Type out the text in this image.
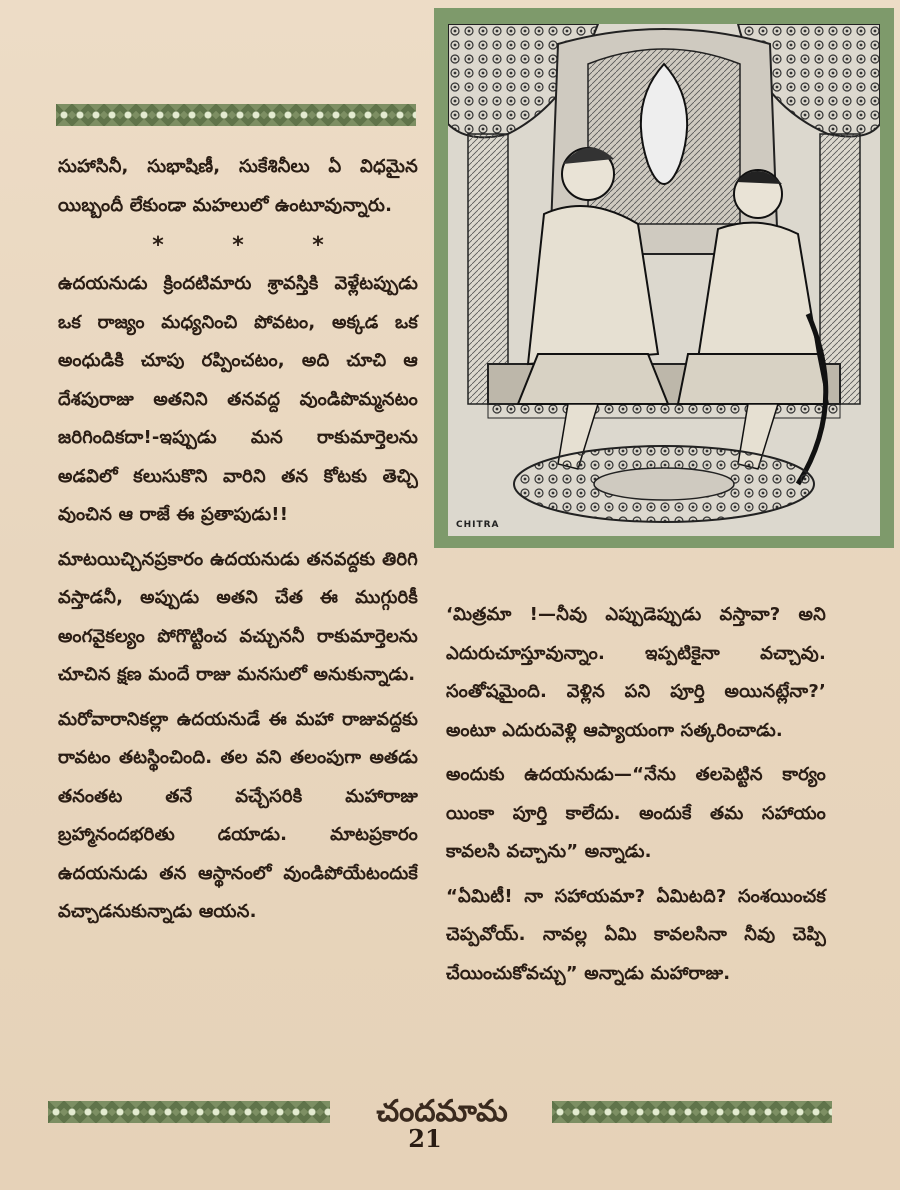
సుహాసినీ, సుభాషిణీ, సుకేశినీలు ఏ విధమైన యిబ్బందీ లేకుండా మహలులో ఉంటూవున్నారు.

*	*	*

ఉదయనుడు క్రిందటిమారు శ్రావస్తికి వెళ్లేటప్పుడు ఒక రాజ్యం మధ్యనించి పోవటం, అక్కడ ఒక అంధుడికి చూపు రప్పించటం, అది చూచి ఆ దేశపురాజు అతనిని తనవద్ద వుండిపొమ్మనటం జరిగిందికదా!-ఇప్పుడు మన రాకుమార్తెలను అడవిలో కలుసుకొని వారిని తన కోటకు తెచ్చి వుంచిన ఆ రాజే ఈ ప్రతాపుడు!!

మాటయిచ్చినప్రకారం ఉదయనుడు తనవద్దకు తిరిగి వస్తాడనీ, అప్పుడు అతని చేత ఈ ముగ్గురికీ అంగవైకల్యం పోగొట్టించ వచ్చుననీ రాకుమార్తెలను చూచిన క్షణ మందే రాజు మనసులో అనుకున్నాడు.

మరోవారానికల్లా ఉదయనుడే ఈ మహా రాజువద్దకు రావటం తటస్థించింది. తల వని తలంపుగా అతడు తనంతట తనే వచ్చేసరికి మహారాజు బ్రహ్మానందభరితు డయాడు. మాటప్రకారం ఉదయనుడు తన ఆస్థానంలో వుండిపోయేటందుకే వచ్చాడనుకున్నాడు ఆయన.

CHITRA

‘మిత్రమా !—నీవు ఎప్పుడెప్పుడు వస్తావా? అని ఎదురుచూస్తూవున్నాం. ఇప్పటికైనా వచ్చావు. సంతోషమైంది. వెళ్లిన పని పూర్తి అయినట్లేనా?’ అంటూ ఎదురువెళ్లి ఆప్యాయంగా సత్కరించాడు.

అందుకు ఉదయనుడు—“నేను తలపెట్టిన కార్యం యింకా పూర్తి కాలేదు. అందుకే తమ సహాయం కావలసి వచ్చాను” అన్నాడు.

“ఏమిటీ! నా సహాయమా? ఏమిటది? సంశయించక చెప్పవోయ్. నావల్ల ఏమి కావలసినా నీవు చెప్పి చేయించుకోవచ్చు” అన్నాడు మహారాజు.

చందమామ
21
